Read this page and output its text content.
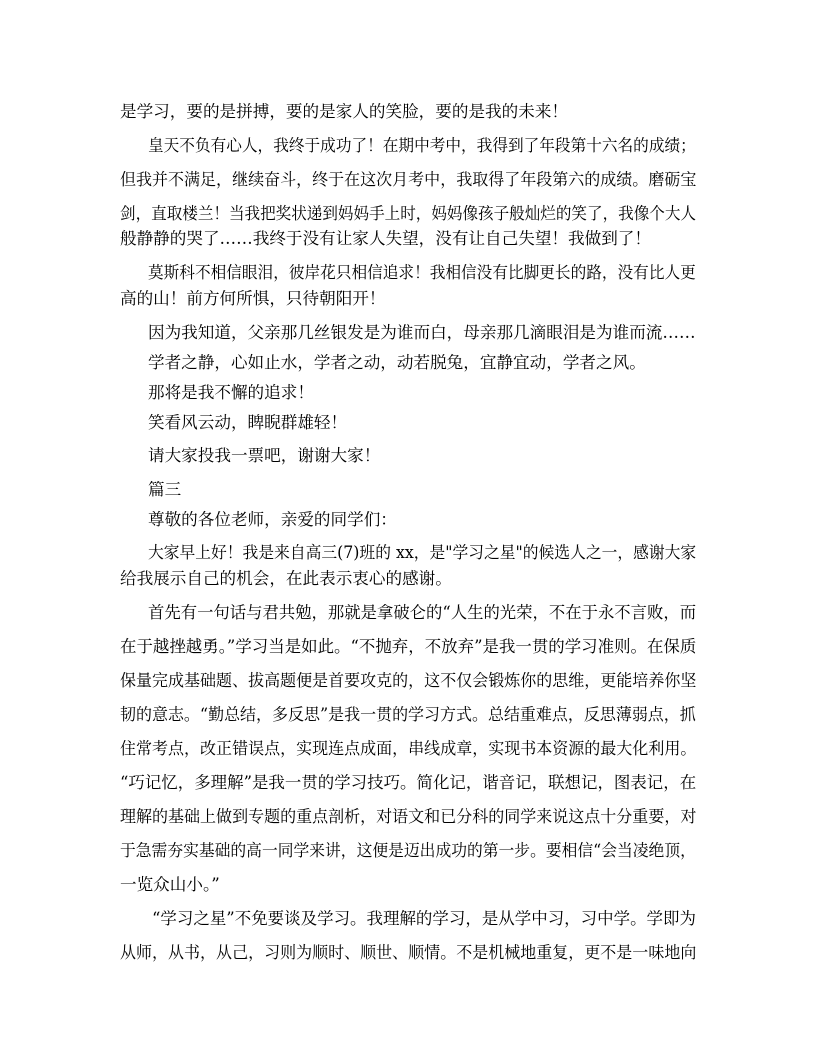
是学习，要的是拼搏，要的是家人的笑脸，要的是我的未来！
皇天不负有心人，我终于成功了！在期中考中，我得到了年段第十六名的成绩；
但我并不满足，继续奋斗，终于在这次月考中，我取得了年段第六的成绩。磨砺宝
剑，直取楼兰！当我把奖状递到妈妈手上时，妈妈像孩子般灿烂的笑了，我像个大人
般静静的哭了……我终于没有让家人失望，没有让自己失望！我做到了！
莫斯科不相信眼泪，彼岸花只相信追求！我相信没有比脚更长的路，没有比人更
高的山！前方何所惧，只待朝阳开！
因为我知道，父亲那几丝银发是为谁而白，母亲那几滴眼泪是为谁而流……
学者之静，心如止水，学者之动，动若脱兔，宜静宜动，学者之风。
那将是我不懈的追求！
笑看风云动，睥睨群雄轻！
请大家投我一票吧，谢谢大家！
篇三
尊敬的各位老师，亲爱的同学们：
大家早上好！我是来自高三(7)班的 xx，是"学习之星"的候选人之一，感谢大家
给我展示自己的机会，在此表示衷心的感谢。
首先有一句话与君共勉，那就是拿破仑的“人生的光荣，不在于永不言败，而
在于越挫越勇。”学习当是如此。“不抛弃，不放弃”是我一贯的学习准则。在保质
保量完成基础题、拔高题便是首要攻克的，这不仅会锻炼你的思维，更能培养你坚
韧的意志。“勤总结，多反思”是我一贯的学习方式。总结重难点，反思薄弱点，抓
住常考点，改正错误点，实现连点成面，串线成章，实现书本资源的最大化利用。
“巧记忆，多理解”是我一贯的学习技巧。简化记，谐音记，联想记，图表记，在
理解的基础上做到专题的重点剖析，对语文和已分科的同学来说这点十分重要，对
于急需夯实基础的高一同学来讲，这便是迈出成功的第一步。要相信“会当凌绝顶，
一览众山小。”
“学习之星”不免要谈及学习。我理解的学习，是从学中习，习中学。学即为
从师，从书，从己，习则为顺时、顺世、顺情。不是机械地重复，更不是一味地向
